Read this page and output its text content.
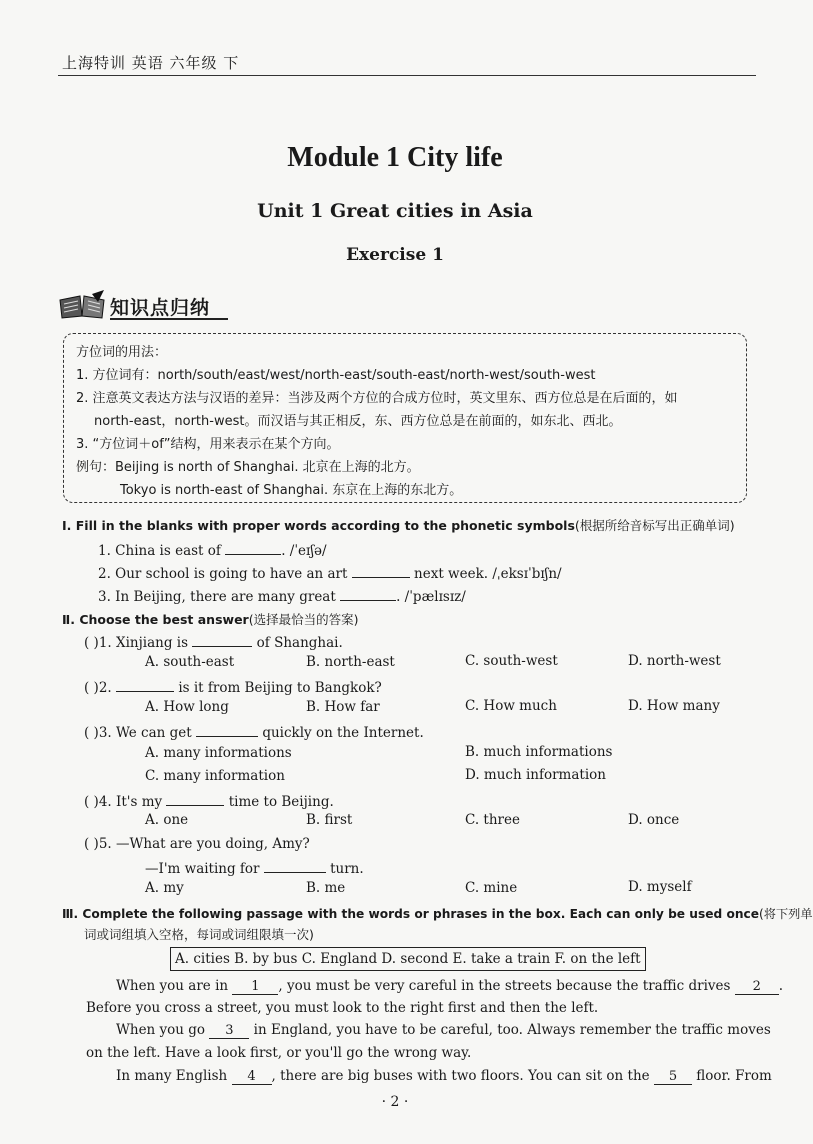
上海特训 英语 六年级 下
Module 1 City life
Unit 1 Great cities in Asia
Exercise 1
知识点归纳
方位词的用法：
1. 方位词有：north/south/east/west/north-east/south-east/north-west/south-west
2. 注意英文表达方法与汉语的差异：当涉及两个方位的合成方位时，英文里东、西方位总是在后面的，如
north-east，north-west。而汉语与其正相反，东、西方位总是在前面的，如东北、西北。
3. “方位词＋of”结构，用来表示在某个方向。
例句：Beijing is north of Shanghai. 北京在上海的北方。
Tokyo is north-east of Shanghai. 东京在上海的东北方。
Ⅰ. Fill in the blanks with proper words according to the phonetic symbols(根据所给音标写出正确单词)
1. China is east of	. /ˈeɪʃə/
2. Our school is going to have an art	next week. /ˌeksɪˈbɪʃn/
3. In Beijing, there are many great	. /ˈpælɪsɪz/
Ⅱ. Choose the best answer(选择最恰当的答案)
( )1. Xinjiang is	of Shanghai.
A. south-east	B. north-east	C. south-west	D. north-west
( )2.	is it from Beijing to Bangkok?
A. How long	B. How far	C. How much	D. How many
( )3. We can get	quickly on the Internet.
A. many informations	B. much informations
C. many information	D. much information
( )4. It's my	time to Beijing.
A. one	B. first	C. three	D. once
( )5. —What are you doing, Amy?
—I'm waiting for	turn.
A. my	B. me	C. mine	D. myself
Ⅲ. Complete the following passage with the words or phrases in the box. Each can only be used once(将下列单
词或词组填入空格，每词或词组限填一次)
A. cities B. by bus C. England D. second E. take a train F. on the left
When you are in 1 , you must be very careful in the streets because the traffic drives 2 .
Before you cross a street, you must look to the right first and then the left.
When you go 3 in England, you have to be careful, too. Always remember the traffic moves
on the left. Have a look first, or you'll go the wrong way.
In many English 4 , there are big buses with two floors. You can sit on the 5 floor. From
· 2 ·
